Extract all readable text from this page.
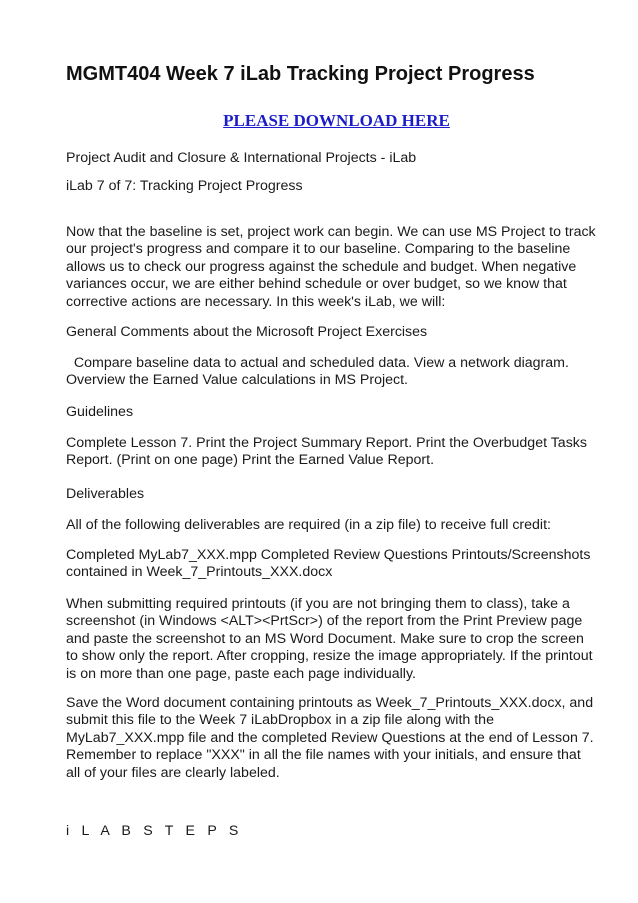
MGMT404 Week 7 iLab Tracking Project Progress
PLEASE DOWNLOAD HERE

Project Audit and Closure & International Projects - iLab

iLab 7 of 7: Tracking Project Progress

Now that the baseline is set, project work can begin. We can use MS Project to track our project's progress and compare it to our baseline. Comparing to the baseline allows us to check our progress against the schedule and budget. When negative variances occur, we are either behind schedule or over budget, so we know that corrective actions are necessary. In this week's iLab, we will:

General Comments about the Microsoft Project Exercises

Compare baseline data to actual and scheduled data. View a network diagram. Overview the Earned Value calculations in MS Project.

Guidelines

Complete Lesson 7. Print the Project Summary Report. Print the Overbudget Tasks Report. (Print on one page) Print the Earned Value Report.

Deliverables

All of the following deliverables are required (in a zip file) to receive full credit:

Completed MyLab7_XXX.mpp Completed Review Questions Printouts/Screenshots contained in Week_7_Printouts_XXX.docx

When submitting required printouts (if you are not bringing them to class), take a screenshot (in Windows <ALT><PrtScr>) of the report from the Print Preview page and paste the screenshot to an MS Word Document. Make sure to crop the screen to show only the report. After cropping, resize the image appropriately. If the printout is on more than one page, paste each page individually.

Save the Word document containing printouts as Week_7_Printouts_XXX.docx, and submit this file to the Week 7 iLabDropbox in a zip file along with the MyLab7_XXX.mpp file and the completed Review Questions at the end of Lesson 7. Remember to replace "XXX" in all the file names with your initials, and ensure that all of your files are clearly labeled.

i L A B S T E P S
